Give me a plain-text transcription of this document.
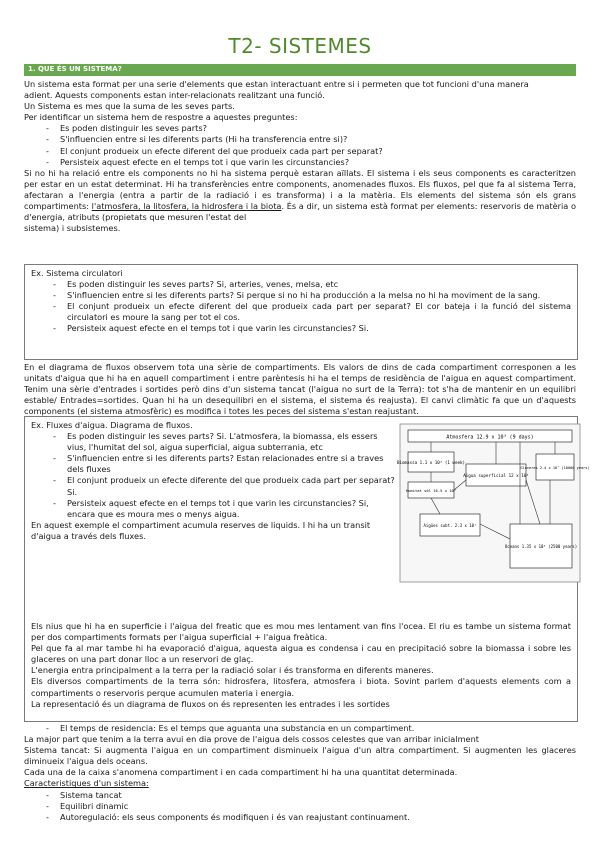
T2- SISTEMES
1. QUE ÉS UN SISTEMA?
Un sistema esta format per una serie d'elements que estan interactuant entre si i permeten que tot funcioni d'una manera
adient. Aquests components estan inter-relacionats realitzant una funció.
Un Sistema es mes que la suma de les seves parts.
Per identificar un sistema hem de respostre a aquestes preguntes:
- Es poden distinguir les seves parts?
- S'influencien entre si les diferents parts (Hi ha transferencia entre si)?
- El conjunt produeix un efecte diferent del que produeix cada part per separat?
- Persisteix aquest efecte en el temps tot i que varin les circunstancies?
Si no hi ha relació entre els components no hi ha sistema perquè estaran aïllats. El sistema i els seus components es caracteritzen per estar en un estat determinat. Hi ha transferències entre components, anomenades fluxos. Els fluxos, pel que fa al sistema Terra, afectaran a l'energia (entra a partir de la radiació i es transforma) i a la matèria. Els elements del sistema són els grans compartiments: l'atmosfera, la litosfera, la hidrosfera i la biota. És a dir, un sistema està format per elements: reservoris de matèria o d'energia, atributs (propietats que mesuren l'estat del
sistema) i subsistemes.
Ex. Sistema circulatori
- Es poden distinguir les seves parts? Si, arteries, venes, melsa, etc
- S'influencien entre si les diferents parts? Si perque si no hi ha producción a la melsa no hi ha moviment de la sang.
- El conjunt produeix un efecte diferent del que produeix cada part per separat? El cor bateja i la funció del sistema circulatori es moure la sang per tot el cos.
- Persisteix aquest efecte en el temps tot i que varin les circunstancies? Si.
En el diagrama de fluxos observem tota una sèrie de compartiments. Els valors de dins de cada compartiment corresponen a les unitats d'aigua que hi ha en aquell compartiment i entre parèntesis hi ha el temps de residència de l'aigua en aquest compartiment. Tenim una sèrie d'entrades i sortides però dins d'un sistema tancat (l'aigua no surt de la Terra): tot s'ha de mantenir en un equilibri estable/ Entrades=sortides. Quan hi ha un desequilibri en el sistema, el sistema és reajusta). El canvi climàtic fa que un d'aquests components (el sistema atmosfèric) es modifica i totes les peces del sistema s'estan reajustant.
Ex. Fluxes d'aigua. Diagrama de fluxos.
- Es poden distinguir les seves parts? Si. L'atmosfera, la biomassa, els essers vius, l'humitat del sol, aigua superficial, aigua subterrania, etc
- S'influencien entre si les diferents parts? Estan relacionades entre si a traves dels fluxes
- El conjunt produeix un efecte diferente del que produeix cada part per separat? Si.
- Persisteix aquest efecte en el temps tot i que varin les circunstancies? Si, encara que es moura mes o menys aigua.
En aquest exemple el compartiment acumula reserves de liquids. I hi ha un transit d'aigua a través dels fluxes.
Els nius que hi ha en superficie i l'aigua del freatic que es mou mes lentament van fins l'ocea. El riu es tambe un sistema format per dos compartiments formats per l'aigua superficial + l'aigua freàtica.
Pel que fa al mar tambe hi ha evaporació d'aigua, aquesta aigua es condensa i cau en precipitació sobre la biomassa i sobre les glaceres on una part donar lloc a un reservori de glaç.
L'energia entra principalment a la terra per la radiació solar i és transforma en diferents maneres.
Els diversos compartiments de la terra són: hidrosfera, litosfera, atmosfera i biota. Sovint parlem d'aquests elements com a compartiments o reservoris perque acumulen materia i energia.
La representació és un diagrama de fluxos on és representen les entrades i les sortides
Atmosfera 12.9 x 10³ (9 days)
Biomassa 1.1 x 10³ (1 week)
Aigua superficial 12 x 10⁴
Glaceres 2.4 x 10⁷ (10000 years)
Humitat sòl 16.5 x 10³
Aigües subt. 2.3 x 10⁷
Oceans 1.35 x 10⁹ (2500 years)
- El temps de residencia: Es el temps que aguanta una substancia en un compartiment.
La major part que tenim a la terra avui en dia prove de l'aigua dels cossos celestes que van arribar inicialment
Sistema tancat: Si augmenta l'aigua en un compartiment disminueix l'aigua d'un altra compartiment. Si augmenten les glaceres diminueix l'aigua dels oceans.
Cada una de la caixa s'anomena compartiment i en cada compartiment hi ha una quantitat determinada.
Caracteristiques d'un sistema:
- Sistema tancat
- Equilibri dinamic
- Autoregulació: els seus components és modifiquen i és van reajustant continuament.
